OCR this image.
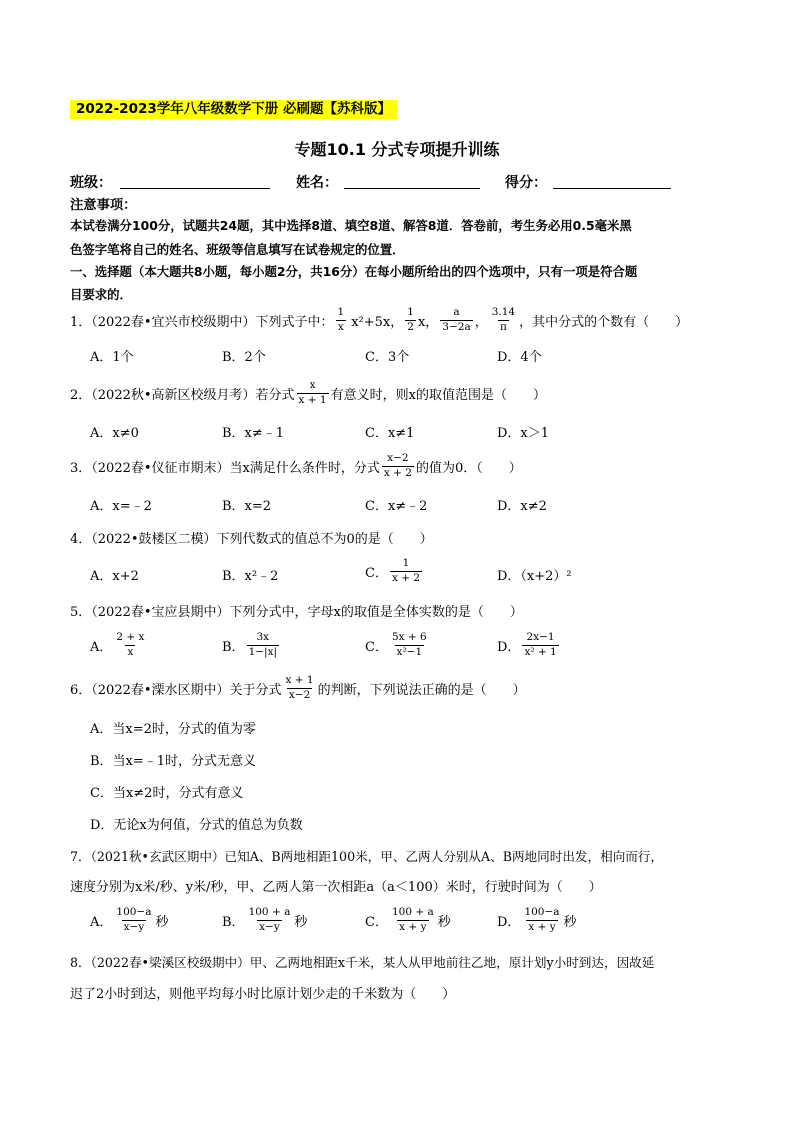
2022-2023学年八年级数学下册 必刷题【苏科版】
专题10.1 分式专项提升训练
班级：	姓名：	得分：
注意事项：
本试卷满分100分，试题共24题，其中选择8道、填空8道、解答8道．答卷前，考生务必用0.5毫米黑
色签字笔将自己的姓名、班级等信息填写在试卷规定的位置．
一、选择题（本大题共8小题，每小题2分，共16分）在每小题所给出的四个选项中，只有一项是符合题
目要求的．
1．（2022春•宜兴市校级期中）下列式子中： $\frac{1}{x} x^2+5x$， $\frac{1}{2}$ x， $\frac{a}{3-2a}$ ， $\frac{3.14}{\pi}$ ，其中分式的个数有（　　）
A．1个	B．2个	C．3个	D．4个
2．（2022秋•高新区校级月考）若分式 $\frac{x}{x + 1}$ 有意义时，则x的取值范围是（　　）
A．x≠0	B．x≠﹣1	C．x≠1	D．x＞1
3．（2022春•仪征市期末）当x满足什么条件时，分式 $\frac{x-2}{x + 2}$ 的值为0．（　　）
A．x=﹣2	B．x=2	C．x≠﹣2	D．x≠2
4．（2022•鼓楼区二模）下列代数式的值总不为0的是（　　）
A．x+2	B．x²﹣2	C． $\frac{1}{x + 2}$	D．（x+2）²
5．（2022春•宝应县期中）下列分式中，字母x的取值是全体实数的是（　　）
A． $\frac{2 + x}{x}$	B． $\frac{3x}{1-|x|}$	C． $\frac{5x + 6}{\text{x²−1}}$	D． $\frac{2x-1}{\text{x² + 1}}$
6．（2022春•溧水区期中）关于分式 $\frac{x + 1}{x-2}$ 的判断，下列说法正确的是（　　）
A．当x=2时，分式的值为零
B．当x=﹣1时，分式无意义
C．当x≠2时，分式有意义
D．无论x为何值，分式的值总为负数
7．（2021秋•玄武区期中）已知A、B两地相距100米，甲、乙两人分别从A、B两地同时出发，相向而行，
速度分别为x米/秒、y米/秒，甲、乙两人第一次相距a（a＜100）米时，行驶时间为（　　）
A． $\frac{100-a}{x-y}$ 秒	B． $\frac{100 + a}{x-y}$ 秒	C． $\frac{100 + a}{x + y}$ 秒	D． $\frac{100-a}{x + y}$ 秒
8．（2022春•梁溪区校级期中）甲、乙两地相距x千米，某人从甲地前往乙地，原计划y小时到达，因故延
迟了2小时到达，则他平均每小时比原计划少走的千米数为（　　）
